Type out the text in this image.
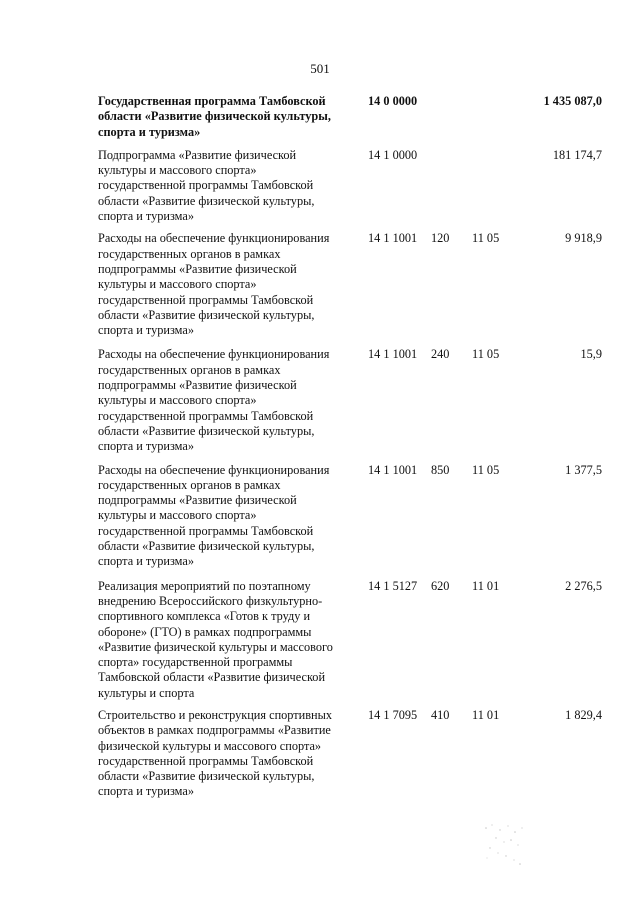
501
Государственная программа Тамбовской
области «Развитие физической культуры,
спорта и туризма»
14 0 0000	1 435 087,0
Подпрограмма «Развитие физической
культуры и массового спорта»
государственной программы Тамбовской
области «Развитие физической культуры,
спорта и туризма»
14 1 0000	181 174,7
Расходы на обеспечение функционирования
государственных органов в рамках
подпрограммы «Развитие физической
культуры и массового спорта»
государственной программы Тамбовской
области «Развитие физической культуры,
спорта и туризма»
14 1 1001 120 11 05	9 918,9
Расходы на обеспечение функционирования
государственных органов в рамках
подпрограммы «Развитие физической
культуры и массового спорта»
государственной программы Тамбовской
области «Развитие физической культуры,
спорта и туризма»
14 1 1001 240 11 05	15,9
Расходы на обеспечение функционирования
государственных органов в рамках
подпрограммы «Развитие физической
культуры и массового спорта»
государственной программы Тамбовской
области «Развитие физической культуры,
спорта и туризма»
14 1 1001 850 11 05	1 377,5
Реализация мероприятий по поэтапному
внедрению Всероссийского физкультурно-
спортивного комплекса «Готов к труду и
обороне» (ГТО) в рамках подпрограммы
«Развитие физической культуры и массового
спорта» государственной программы
Тамбовской области «Развитие физической
культуры и спорта
14 1 5127 620 11 01	2 276,5
Строительство и реконструкция спортивных
объектов в рамках подпрограммы «Развитие
физической культуры и массового спорта»
государственной программы Тамбовской
области «Развитие физической культуры,
спорта и туризма»
14 1 7095 410 11 01	1 829,4
